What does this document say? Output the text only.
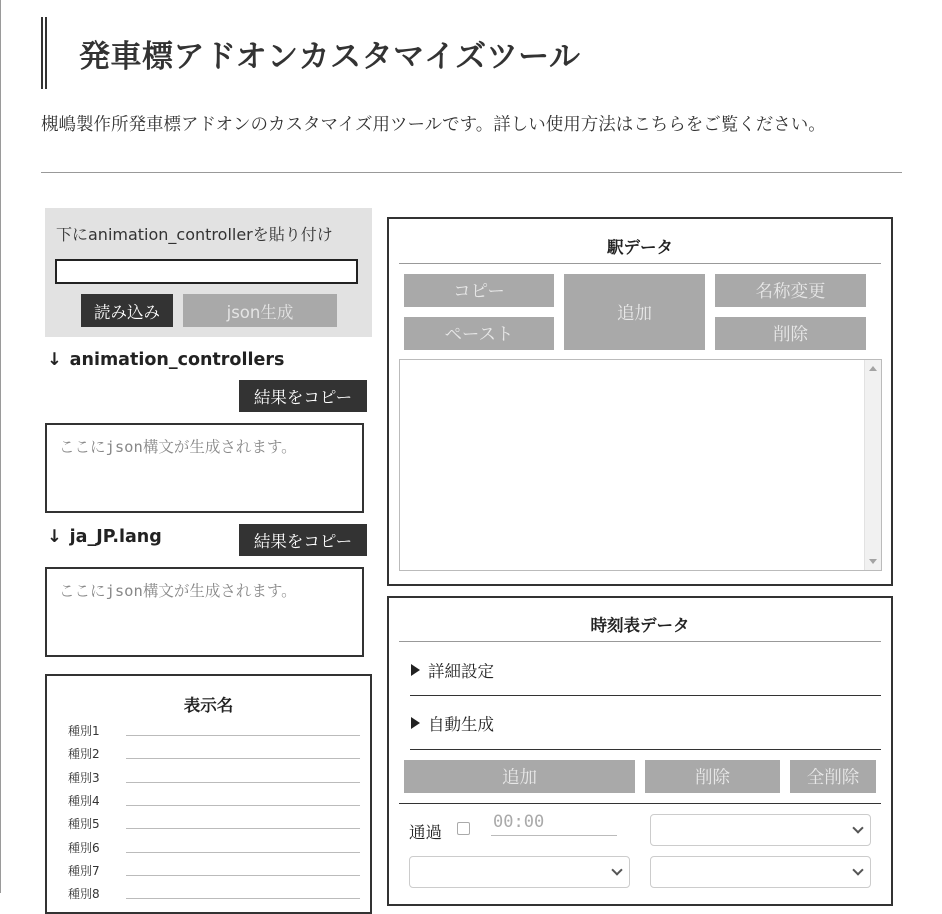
発車標アドオンカスタマイズツール

槻嶋製作所発車標アドオンのカスタマイズ用ツールです。詳しい使用方法はこちらをご覧ください。

下にanimation_controllerを貼り付け
読み込み	json生成
↓ animation_controllers
結果をコピー
ここにjson構文が生成されます。
↓ ja_JP.lang	結果をコピー
ここにjson構文が生成されます。
表示名
種別1
種別2
種別3
種別4
種別5
種別6
種別7
種別8
駅データ
コピー
ペースト
追加
名称変更
削除
時刻表データ
詳細設定
自動生成
追加	削除	全削除
通過
00:00
